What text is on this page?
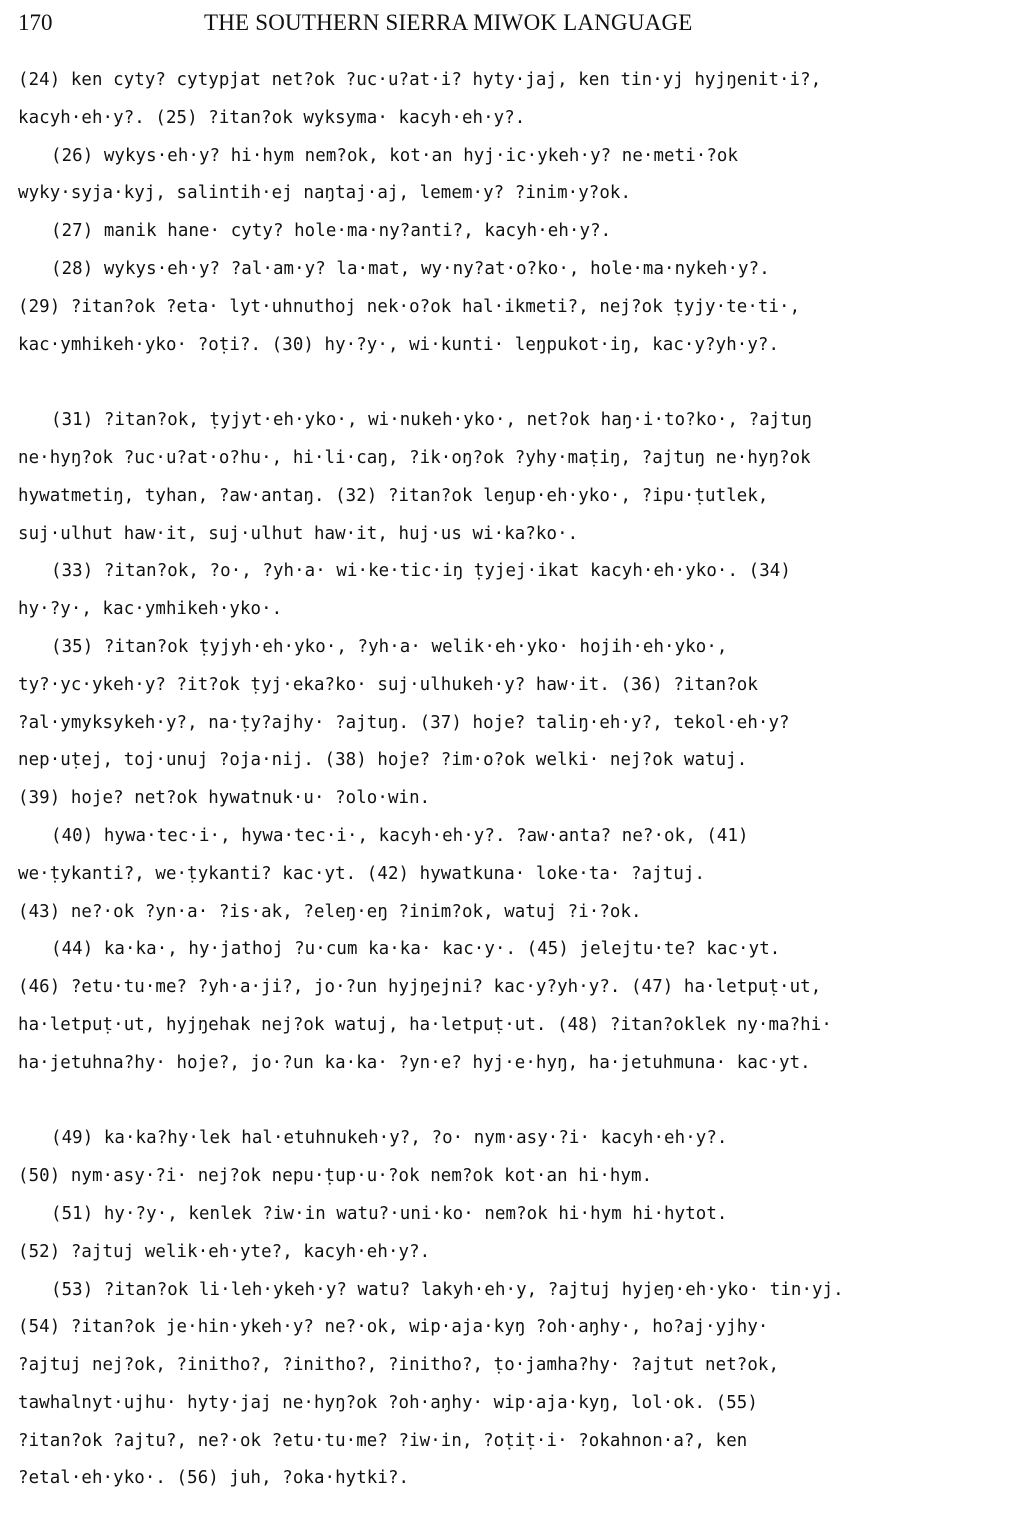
170	THE SOUTHERN SIERRA MIWOK LANGUAGE
(24) ken cyty? cytypjat net?ok ?uc·u?at·i? hyty·jaj, ken tin·yj hyjŋenit·i?,
kacyh·eh·y?. (25) ?itan?ok wyksyma· kacyh·eh·y?.
(26) wykys·eh·y? hi·hym nem?ok, kot·an hyj·ic·ykeh·y? ne·meti·?ok
wyky·syja·kyj, salintih·ej naŋtaj·aj, lemem·y? ?inim·y?ok.
(27) manik hane· cyty? hole·ma·ny?anti?, kacyh·eh·y?.
(28) wykys·eh·y? ?al·am·y? la·mat, wy·ny?at·o?ko·, hole·ma·nykeh·y?.
(29) ?itan?ok ?eta· lyt·uhnuthoj nek·o?ok hal·ikmeti?, nej?ok ṭyjy·te·ti·,
kac·ymhikeh·yko· ?oṭi?. (30) hy·?y·, wi·kunti· leŋpukot·iŋ, kac·y?yh·y?.
(31) ?itan?ok, ṭyjyt·eh·yko·, wi·nukeh·yko·, net?ok haŋ·i·to?ko·, ?ajtuŋ
ne·hyŋ?ok ?uc·u?at·o?hu·, hi·li·caŋ, ?ik·oŋ?ok ?yhy·maṭiŋ, ?ajtuŋ ne·hyŋ?ok
hywatmetiŋ, tyhan, ?aw·antaŋ. (32) ?itan?ok leŋup·eh·yko·, ?ipu·ṭutlek,
suj·ulhut haw·it, suj·ulhut haw·it, huj·us wi·ka?ko·.
(33) ?itan?ok, ?o·, ?yh·a· wi·ke·tic·iŋ ṭyjej·ikat kacyh·eh·yko·. (34)
hy·?y·, kac·ymhikeh·yko·.
(35) ?itan?ok ṭyjyh·eh·yko·, ?yh·a· welik·eh·yko· hojih·eh·yko·,
ty?·yc·ykeh·y? ?it?ok ṭyj·eka?ko· suj·ulhukeh·y? haw·it. (36) ?itan?ok
?al·ymyksykeh·y?, na·ṭy?ajhy· ?ajtuŋ. (37) hoje? taliŋ·eh·y?, tekol·eh·y?
nep·uṭej, toj·unuj ?oja·nij. (38) hoje? ?im·o?ok welki· nej?ok watuj.
(39) hoje? net?ok hywatnuk·u· ?olo·win.
(40) hywa·tec·i·, hywa·tec·i·, kacyh·eh·y?. ?aw·anta? ne?·ok, (41)
we·ṭykanti?, we·ṭykanti? kac·yt. (42) hywatkuna· loke·ta· ?ajtuj.
(43) ne?·ok ?yn·a· ?is·ak, ?eleŋ·eŋ ?inim?ok, watuj ?i·?ok.
(44) ka·ka·, hy·jathoj ?u·cum ka·ka· kac·y·. (45) jelejtu·te? kac·yt.
(46) ?etu·tu·me? ?yh·a·ji?, jo·?un hyjŋejni? kac·y?yh·y?. (47) ha·letpuṭ·ut,
ha·letpuṭ·ut, hyjŋehak nej?ok watuj, ha·letpuṭ·ut. (48) ?itan?oklek ny·ma?hi·
ha·jetuhna?hy· hoje?, jo·?un ka·ka· ?yn·e? hyj·e·hyŋ, ha·jetuhmuna· kac·yt.
(49) ka·ka?hy·lek hal·etuhnukeh·y?, ?o· nym·asy·?i· kacyh·eh·y?.
(50) nym·asy·?i· nej?ok nepu·ṭup·u·?ok nem?ok kot·an hi·hym.
(51) hy·?y·, kenlek ?iw·in watu?·uni·ko· nem?ok hi·hym hi·hytot.
(52) ?ajtuj welik·eh·yte?, kacyh·eh·y?.
(53) ?itan?ok li·leh·ykeh·y? watu? lakyh·eh·y, ?ajtuj hyjeŋ·eh·yko· tin·yj.
(54) ?itan?ok je·hin·ykeh·y? ne?·ok, wip·aja·kyŋ ?oh·aŋhy·, ho?aj·yjhy·
?ajtuj nej?ok, ?initho?, ?initho?, ?initho?, ṭo·jamha?hy· ?ajtut net?ok,
tawhalnyt·ujhu· hyty·jaj ne·hyŋ?ok ?oh·aŋhy· wip·aja·kyŋ, lol·ok. (55)
?itan?ok ?ajtu?, ne?·ok ?etu·tu·me? ?iw·in, ?oṭiṭ·i· ?okahnon·a?, ken
?etal·eh·yko·. (56) juh, ?oka·hytki?.
